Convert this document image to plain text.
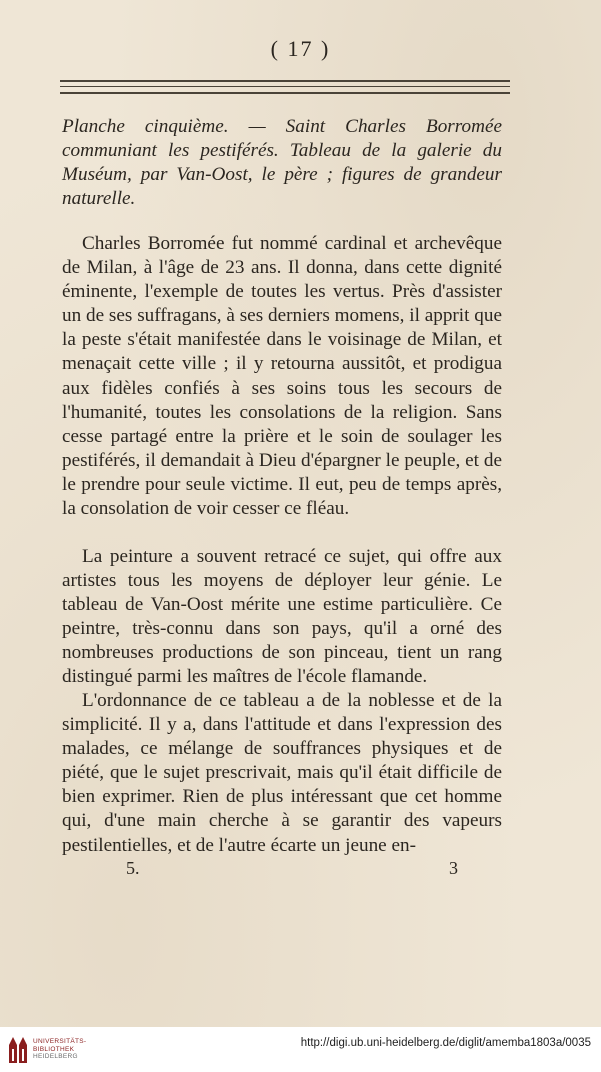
( 17 )
Planche cinquième. — Saint Charles Borromée communiant les pestiférés. Tableau de la galerie du Muséum, par Van-Oost, le père ; figures de grandeur naturelle.
Charles Borromée fut nommé cardinal et archevêque de Milan, à l'âge de 23 ans. Il donna, dans cette dignité éminente, l'exemple de toutes les vertus. Près d'assister un de ses suffragans, à ses derniers momens, il apprit que la peste s'était manifestée dans le voisinage de Milan, et menaçait cette ville ; il y retourna aussitôt, et prodigua aux fidèles confiés à ses soins tous les secours de l'humanité, toutes les consolations de la religion. Sans cesse partagé entre la prière et le soin de soulager les pestiférés, il demandait à Dieu d'épargner le peuple, et de le prendre pour seule victime. Il eut, peu de temps après, la consolation de voir cesser ce fléau.
La peinture a souvent retracé ce sujet, qui offre aux artistes tous les moyens de déployer leur génie. Le tableau de Van-Oost mérite une estime particulière. Ce peintre, très-connu dans son pays, qu'il a orné des nombreuses productions de son pinceau, tient un rang distingué parmi les maîtres de l'école flamande.
L'ordonnance de ce tableau a de la noblesse et de la simplicité. Il y a, dans l'attitude et dans l'expression des malades, ce mélange de souffrances physiques et de piété, que le sujet prescrivait, mais qu'il était difficile de bien exprimer. Rien de plus intéressant que cet homme qui, d'une main cherche à se garantir des vapeurs pestilentielles, et de l'autre écarte un jeune en-
5.	3
UNIVERSITÄTS-
BIBLIOTHEK
HEIDELBERG
http://digi.ub.uni-heidelberg.de/diglit/amemba1803a/0035
